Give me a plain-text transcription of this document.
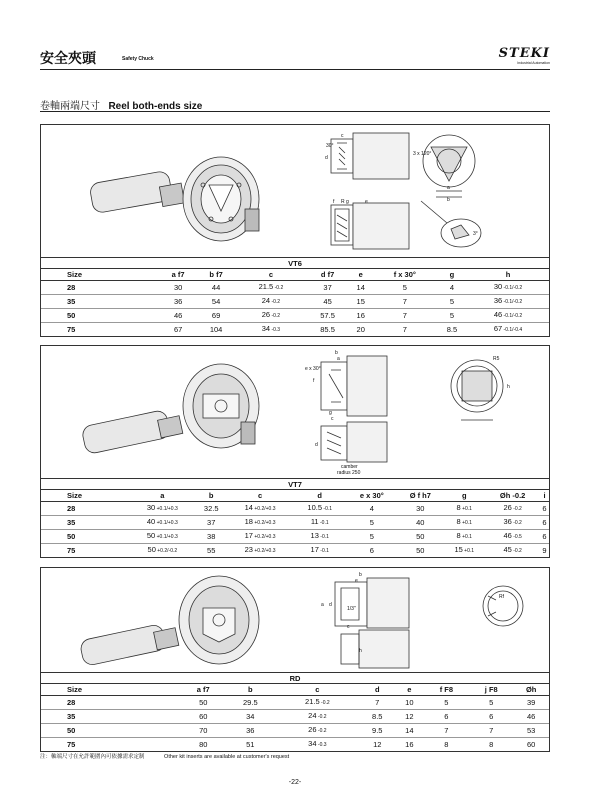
安全夾頭	Safety Chuck	STEKI
Industrial Automation
卷軸兩端尺寸 Reel both-ends size
c
d
30°
f R g
3 x 120°
b
a
e
3°
VT6
Size	a f7	b f7	c	d f7	e	f x 30°	g	h
28	30	44	21.5 -0.2	37	14	5	4	30 -0.1/-0.2
35	36	54	24 -0.2	45	15	7	5	36 -0.1/-0.2
50	46	69	26 -0.2	57.5	16	7	5	46 -0.1/-0.2
75	67	104	34 -0.3	85.5	20	7	8.5	67 -0.1/-0.4
b
a
e x 30°
f
g
c
d
R5
h
camber
radius 250
VT7
Size	a	b	c	d	e x 30°	Ø f h7	g	Øh -0.2	i
28	30 +0.1/+0.3	32.5	14 +0.2/+0.3	10.5 -0.1	4	30	8 +0.1	26 -0.2	6
35	40 +0.1/+0.3	37	18 +0.2/+0.3	11 -0.1	5	40	8 +0.1	36 -0.2	6
50	50 +0.1/+0.3	38	17 +0.2/+0.3	13 -0.1	5	50	8 +0.1	46 -0.5	6
75	50 +0.2/-0.2	55	23 +0.2/+0.3	17 -0.1	6	50	15 +0.1	45 -0.2	9
b
e
a d
1/3"
c
h
Rf
RD
Size	a f7	b	c	d	e	f F8	j F8	Øh
28	50	29.5	21.5 -0.2	7	10	5	5	39
35	60	34	24 -0.2	8.5	12	6	6	46
50	70	36	26 -0.2	9.5	14	7	7	53
75	80	51	34 -0.3	12	16	8	8	60
注：軸端尺寸在允許範圍內可依據需求定制	Other kit inserts are available at customer's request
-22-
